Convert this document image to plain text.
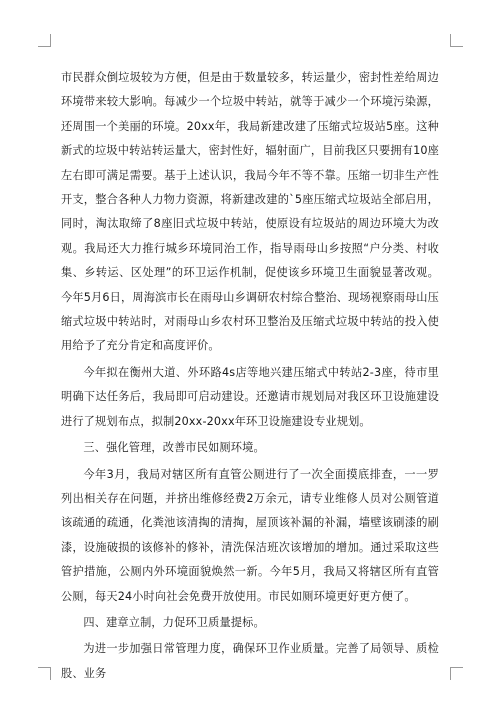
市民群众倒垃圾较为方便，但是由于数量较多，转运量少，密封性差给周边环境带来较大影响。每减少一个垃圾中转站，就等于减少一个环境污染源，还周围一个美丽的环境。20xx年，我局新建改建了压缩式垃圾站5座。这种新式的垃圾中转站转运量大，密封性好，辐射面广，目前我区只要拥有10座左右即可满足需要。基于上述认识，我局今年不等不靠。压缩一切非生产性开支，整合各种人力物力资源，将新建改建的`5座压缩式垃圾站全部启用，同时，淘汰取缔了8座旧式垃圾中转站，使原设有垃圾站的周边环境大为改观。我局还大力推行城乡环境同治工作，指导雨母山乡按照“户分类、村收集、乡转运、区处理”的环卫运作机制，促使该乡环境卫生面貌显著改观。今年5月6日，周海滨市长在雨母山乡调研农村综合整治、现场视察雨母山压缩式垃圾中转站时，对雨母山乡农村环卫整治及压缩式垃圾中转站的投入使用给予了充分肯定和高度评价。

今年拟在衡州大道、外环路4s店等地兴建压缩式中转站2-3座，待市里明确下达任务后，我局即可启动建设。还邀请市规划局对我区环卫设施建设进行了规划布点，拟制20xx-20xx年环卫设施建设专业规划。

三、强化管理，改善市民如厕环境。

今年3月，我局对辖区所有直管公厕进行了一次全面摸底排查，一一罗列出相关存在问题，并挤出维修经费2万余元，请专业维修人员对公厕管道该疏通的疏通，化粪池该清掏的清掏，屋顶该补漏的补漏，墙壁该刷漆的刷漆，设施破损的该修补的修补，清洗保洁班次该增加的增加。通过采取这些管护措施，公厕内外环境面貌焕然一新。今年5月，我局又将辖区所有直管公厕，每天24小时向社会免费开放使用。市民如厕环境更好更方便了。

四、建章立制，力促环卫质量提标。

为进一步加强日常管理力度，确保环卫作业质量。完善了局领导、质检股、业务
